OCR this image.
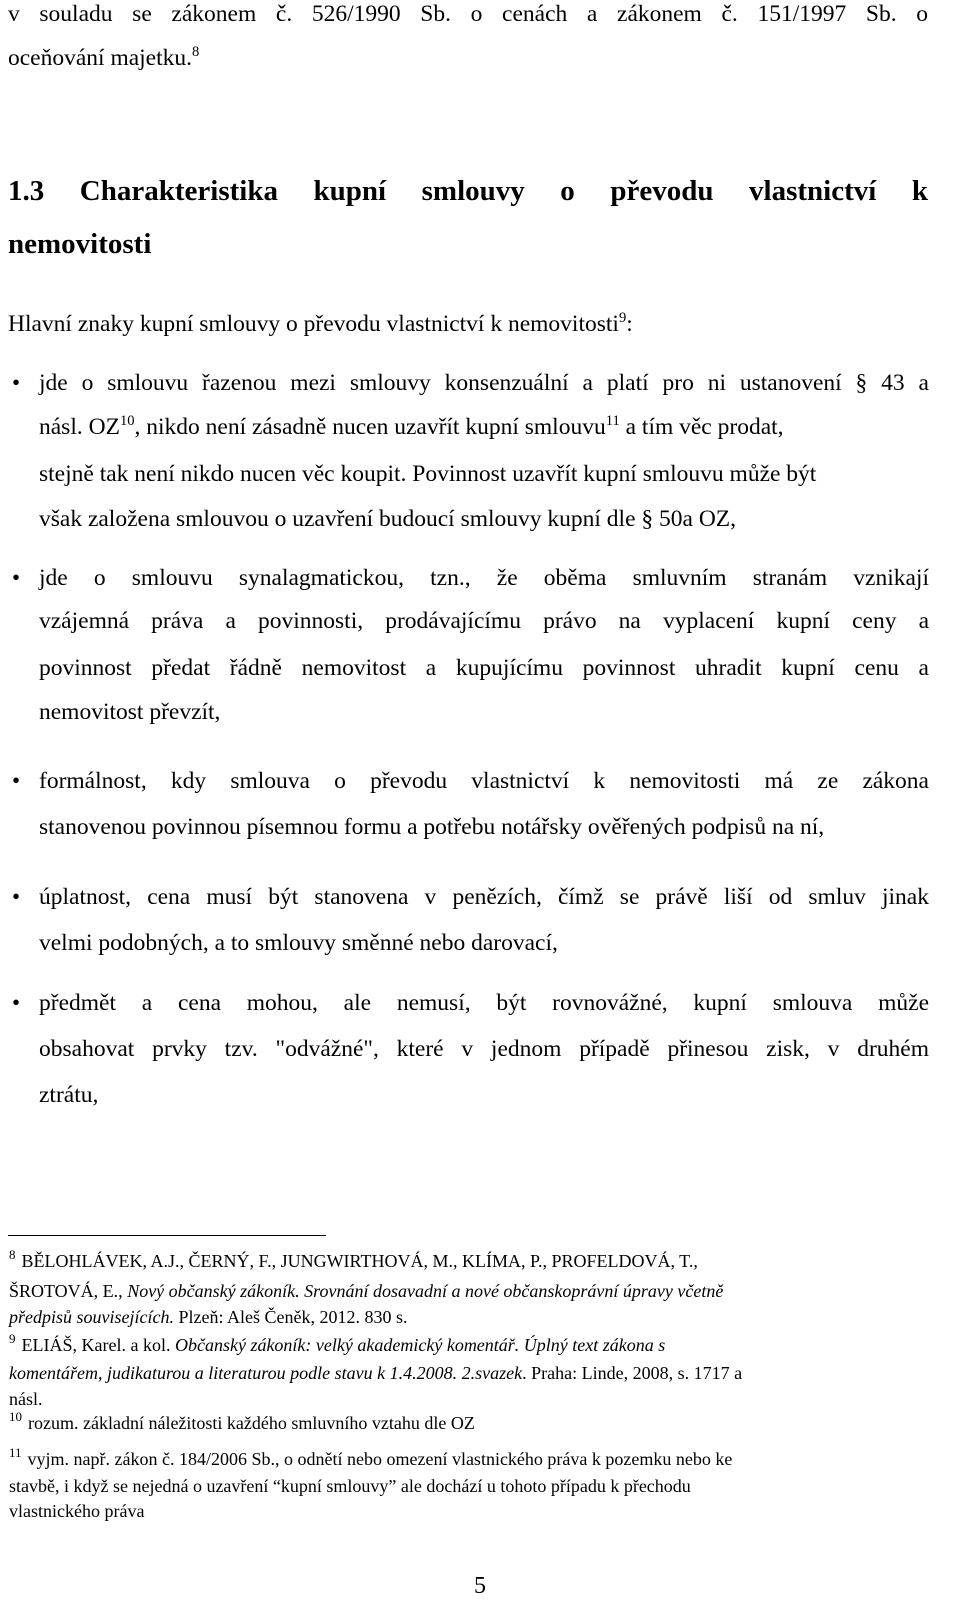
v souladu se zákonem č. 526/1990 Sb. o cenách a zákonem č. 151/1997 Sb. o
oceňování majetku.$^8$
1.3 Charakteristika kupní smlouvy o převodu vlastnictví k
nemovitosti
Hlavní znaky kupní smlouvy o převodu vlastnictví k nemovitosti$^9$:
• jde o smlouvu řazenou mezi smlouvy konsenzuální a platí pro ni ustanovení § 43 a
násl. OZ$^{10}$, nikdo není zásadně nucen uzavřít kupní smlouvu$^{11}$ a tím věc prodat,
stejně tak není nikdo nucen věc koupit. Povinnost uzavřít kupní smlouvu může být
však založena smlouvou o uzavření budoucí smlouvy kupní dle § 50a OZ,
• jde o smlouvu synalagmatickou, tzn., že oběma smluvním stranám vznikají
vzájemná práva a povinnosti, prodávajícímu právo na vyplacení kupní ceny a
povinnost předat řádně nemovitost a kupujícímu povinnost uhradit kupní cenu a
nemovitost převzít,
• formálnost, kdy smlouva o převodu vlastnictví k nemovitosti má ze zákona
stanovenou povinnou písemnou formu a potřebu notářsky ověřených podpisů na ní,
• úplatnost, cena musí být stanovena v penězích, čímž se právě liší od smluv jinak
velmi podobných, a to smlouvy směnné nebo darovací,
• předmět a cena mohou, ale nemusí, být rovnovážné, kupní smlouva může
obsahovat prvky tzv. "odvážné", které v jednom případě přinesou zisk, v druhém
ztrátu,
$^8$ BĚLOHLÁVEK, A.J., ČERNÝ, F., JUNGWIRTHOVÁ, M., KLÍMA, P., PROFELDOVÁ, T.,
ŠROTOVÁ, E., Nový občanský zákoník. Srovnání dosavadní a nové občanskoprávní úpravy včetně
předpisů souvisejících. Plzeň: Aleš Čeněk, 2012. 830 s.
$^9$ ELIÁŠ, Karel. a kol. Občanský zákoník: velký akademický komentář. Úplný text zákona s
komentářem, judikaturou a literaturou podle stavu k 1.4.2008. 2.svazek. Praha: Linde, 2008, s. 1717 a
násl.
$^{10}$ rozum. základní náležitosti každého smluvního vztahu dle OZ
$^{11}$ vyjm. např. zákon č. 184/2006 Sb., o odnětí nebo omezení vlastnického práva k pozemku nebo ke
stavbě, i když se nejedná o uzavření “kupní smlouvy” ale dochází u tohoto případu k přechodu
vlastnického práva
5
